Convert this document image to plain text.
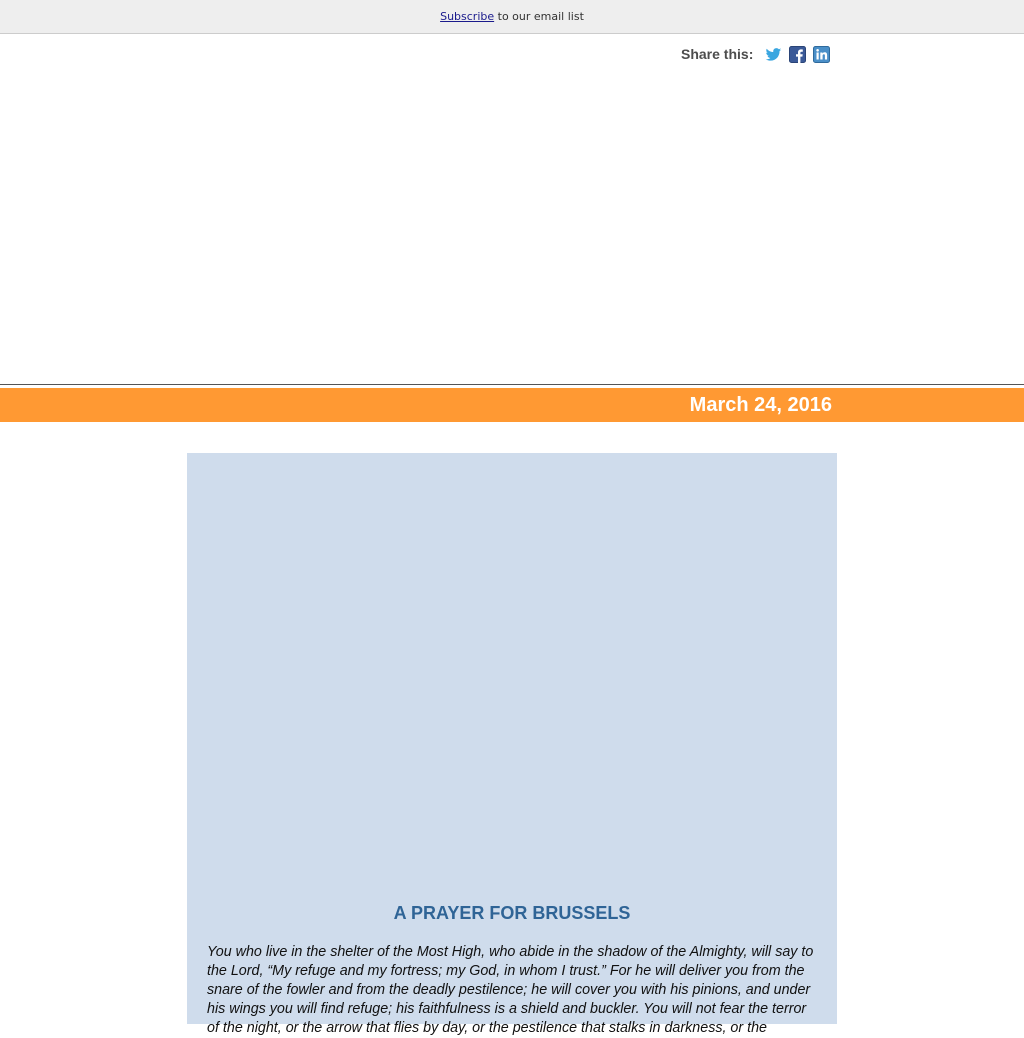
Subscribe to our email list
Share this:
March 24, 2016
A PRAYER FOR BRUSSELS
You who live in the shelter of the Most High, who abide in the shadow of the Almighty, will say to the Lord, “My refuge and my fortress; my God, in whom I trust.” For he will deliver you from the snare of the fowler and from the deadly pestilence; he will cover you with his pinions, and under his wings you will find refuge; his faithfulness is a shield and buckler. You will not fear the terror of the night, or the arrow that flies by day, or the pestilence that stalks in darkness, or the
